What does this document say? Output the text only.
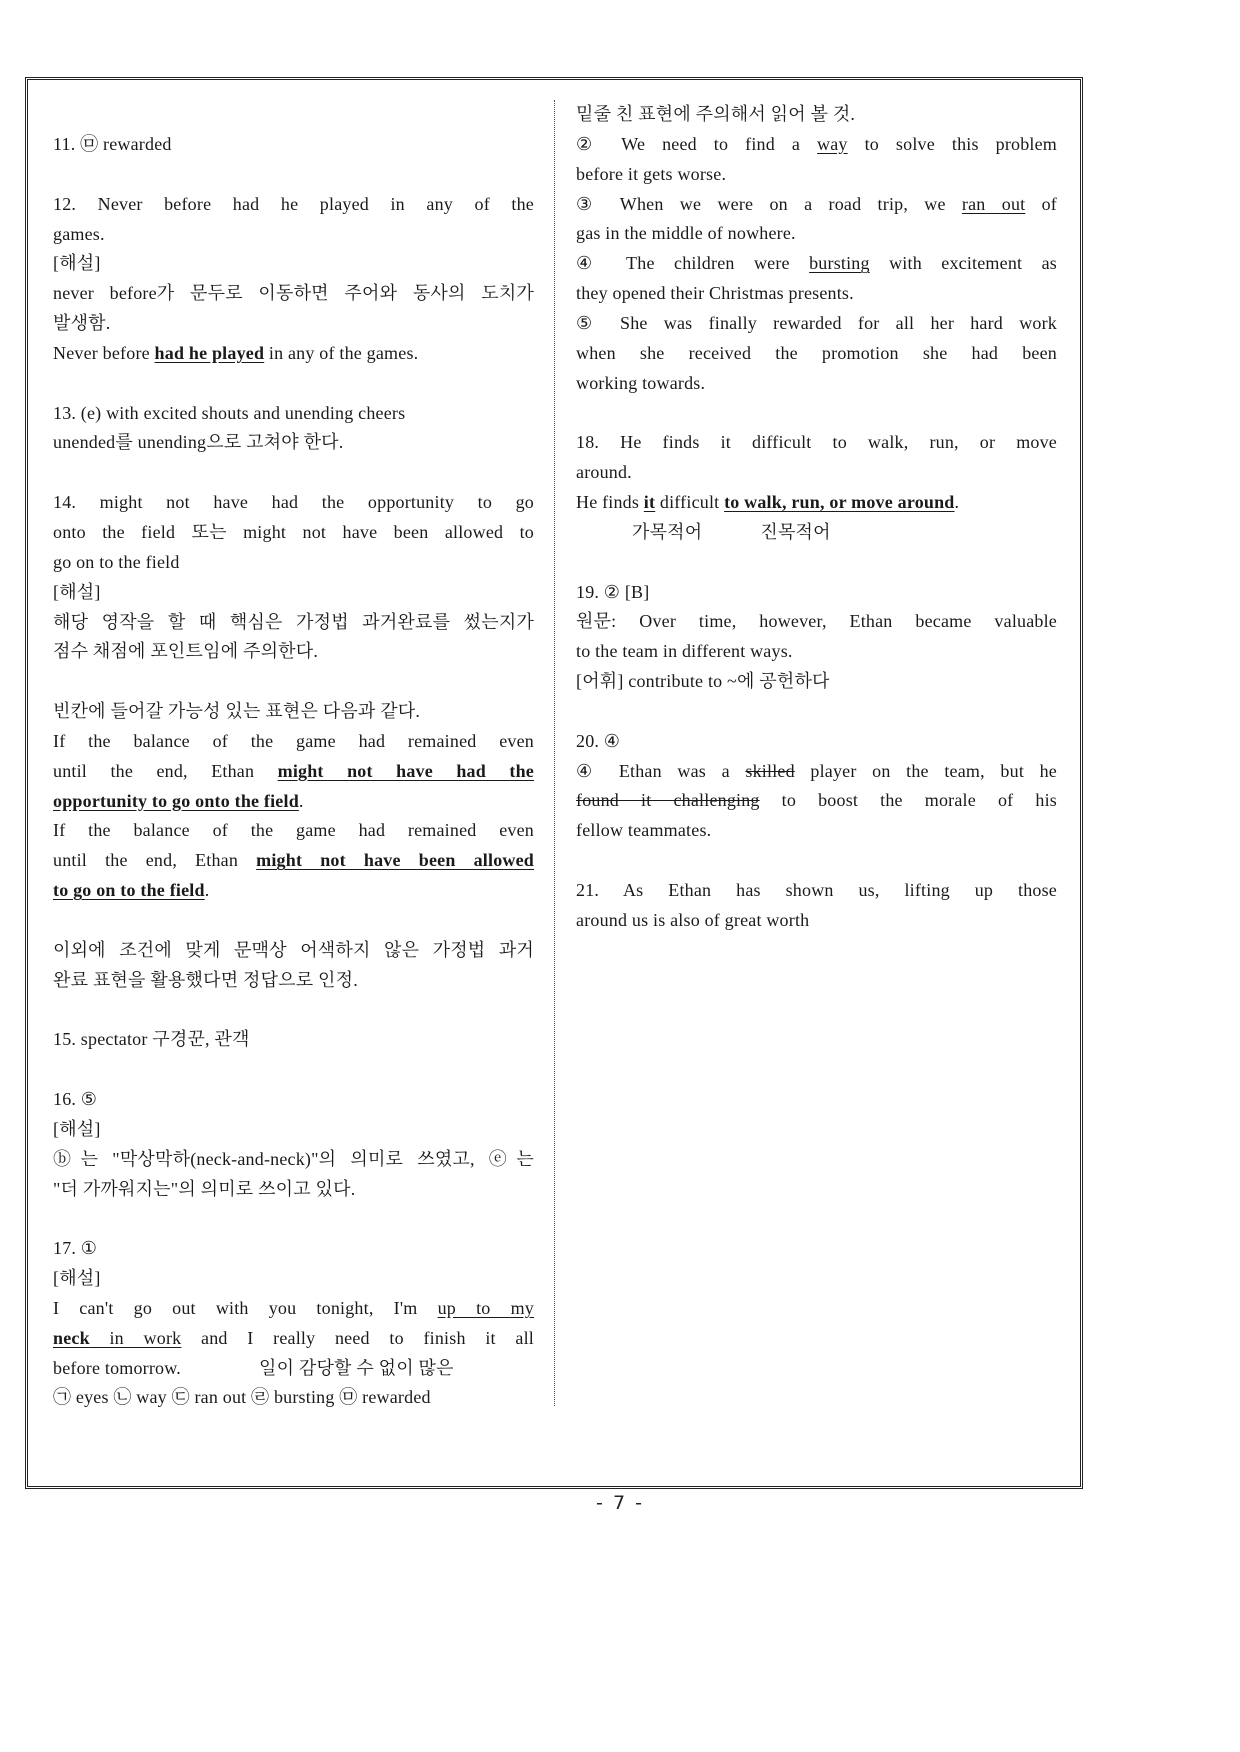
11. ㉤ rewarded
12. Never before had he played in any of the
games.
[해설]
never before가 문두로 이동하면 주어와 동사의 도치가
발생함.
Never before had he played in any of the games.
13. (e) with excited shouts and unending cheers
unended를 unending으로 고쳐야 한다.
14. might not have had the opportunity to go
onto the field 또는 might not have been allowed to
go on to the field
[해설]
해당 영작을 할 때 핵심은 가정법 과거완료를 썼는지가
점수 채점에 포인트임에 주의한다.
빈칸에 들어갈 가능성 있는 표현은 다음과 같다.
If the balance of the game had remained even
until the end, Ethan might not have had the
opportunity to go onto the field.
If the balance of the game had remained even
until the end, Ethan might not have been allowed
to go on to the field.
이외에 조건에 맞게 문맥상 어색하지 않은 가정법 과거
완료 표현을 활용했다면 정답으로 인정.
15. spectator 구경꾼, 관객
16. ⑤
[해설]
ⓑ는 "막상막하(neck-and-neck)"의 의미로 쓰였고, ⓔ는
"더 가까워지는"의 의미로 쓰이고 있다.
17. ①
[해설]
I can't go out with you tonight, I'm up to my
neck in work and I really need to finish it all
before tomorrow.	일이 감당할 수 없이 많은
㉠ eyes ㉡ way ㉢ ran out ㉣ bursting ㉤ rewarded
밑줄 친 표현에 주의해서 읽어 볼 것.
② We need to find a way to solve this problem
before it gets worse.
③ When we were on a road trip, we ran out of
gas in the middle of nowhere.
④ The children were bursting with excitement as
they opened their Christmas presents.
⑤ She was finally rewarded for all her hard work
when she received the promotion she had been
working towards.
18. He finds it difficult to walk, run, or move
around.
He finds it difficult to walk, run, or move around.
가목적어	진목적어
19. ② [B]
원문: Over time, however, Ethan became valuable
to the team in different ways.
[어휘] contribute to ~에 공헌하다
20. ④
④ Ethan was a skilled player on the team, but he
found it challenging to boost the morale of his
fellow teammates.
21. As Ethan has shown us, lifting up those
around us is also of great worth
- 7 -
